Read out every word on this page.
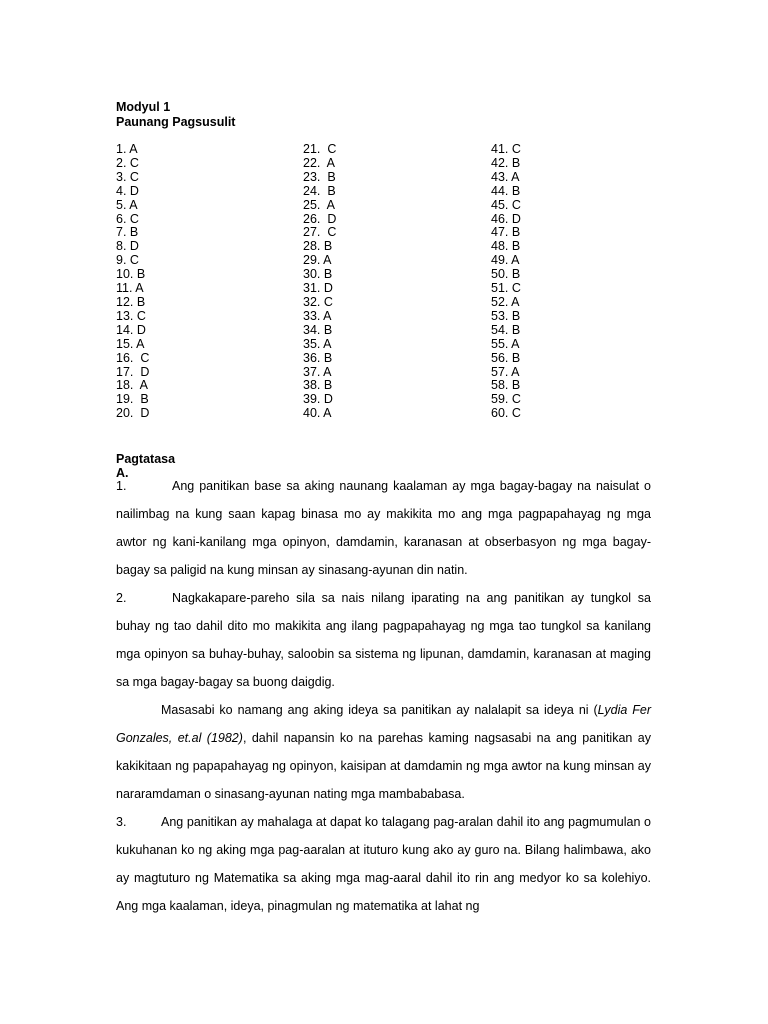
Modyul 1
Paunang Pagsusulit
1. A
2. C
3. C
4. D
5. A
6. C
7. B
8. D
9. C
10. B
11. A
12. B
13. C
14. D
15. A
16.  C
17.  D
18.  A
19.  B
20.  D
21.  C
22.  A
23.  B
24.  B
25.  A
26.  D
27.  C
28. B
29. A
30. B
31. D
32. C
33. A
34. B
35. A
36. B
37. A
38. B
39. D
40. A
41. C
42. B
43. A
44. B
45. C
46. D
47. B
48. B
49. A
50. B
51. C
52. A
53. B
54. B
55. A
56. B
57. A
58. B
59. C
60. C
Pagtatasa
A.

1.	Ang panitikan base sa aking naunang kaalaman ay mga bagay-bagay na naisulat o nailimbag na kung saan kapag binasa mo ay makikita mo ang mga pagpapahayag ng mga awtor ng kani-kanilang mga opinyon, damdamin, karanasan at obserbasyon ng mga bagay-bagay sa paligid na kung minsan ay sinasang-ayunan din natin.

2.	Nagkakapare-pareho sila sa nais nilang iparating na ang panitikan ay tungkol sa buhay ng tao dahil dito mo makikita ang ilang pagpapahayag ng mga tao tungkol sa kanilang mga opinyon sa buhay-buhay, saloobin sa sistema ng lipunan, damdamin, karanasan at maging sa mga bagay-bagay sa buong daigdig.

Masasabi ko namang ang aking ideya sa panitikan ay nalalapit sa ideya ni (Lydia Fer Gonzales, et.al (1982), dahil napansin ko na parehas kaming nagsasabi na ang panitikan ay kakikitaan ng papapahayag ng opinyon, kaisipan at damdamin ng mga awtor na kung minsan ay nararamdaman o sinasang-ayunan nating mga mambababasa.

3.	Ang panitikan ay mahalaga at dapat ko talagang pag-aralan dahil ito ang pagmumulan o kukuhanan ko ng aking mga pag-aaralan at ituturo kung ako ay guro na. Bilang halimbawa, ako ay magtuturo ng Matematika sa aking mga mag-aaral dahil ito rin ang medyor ko sa kolehiyo. Ang mga kaalaman, ideya, pinagmulan ng matematika at lahat ng
